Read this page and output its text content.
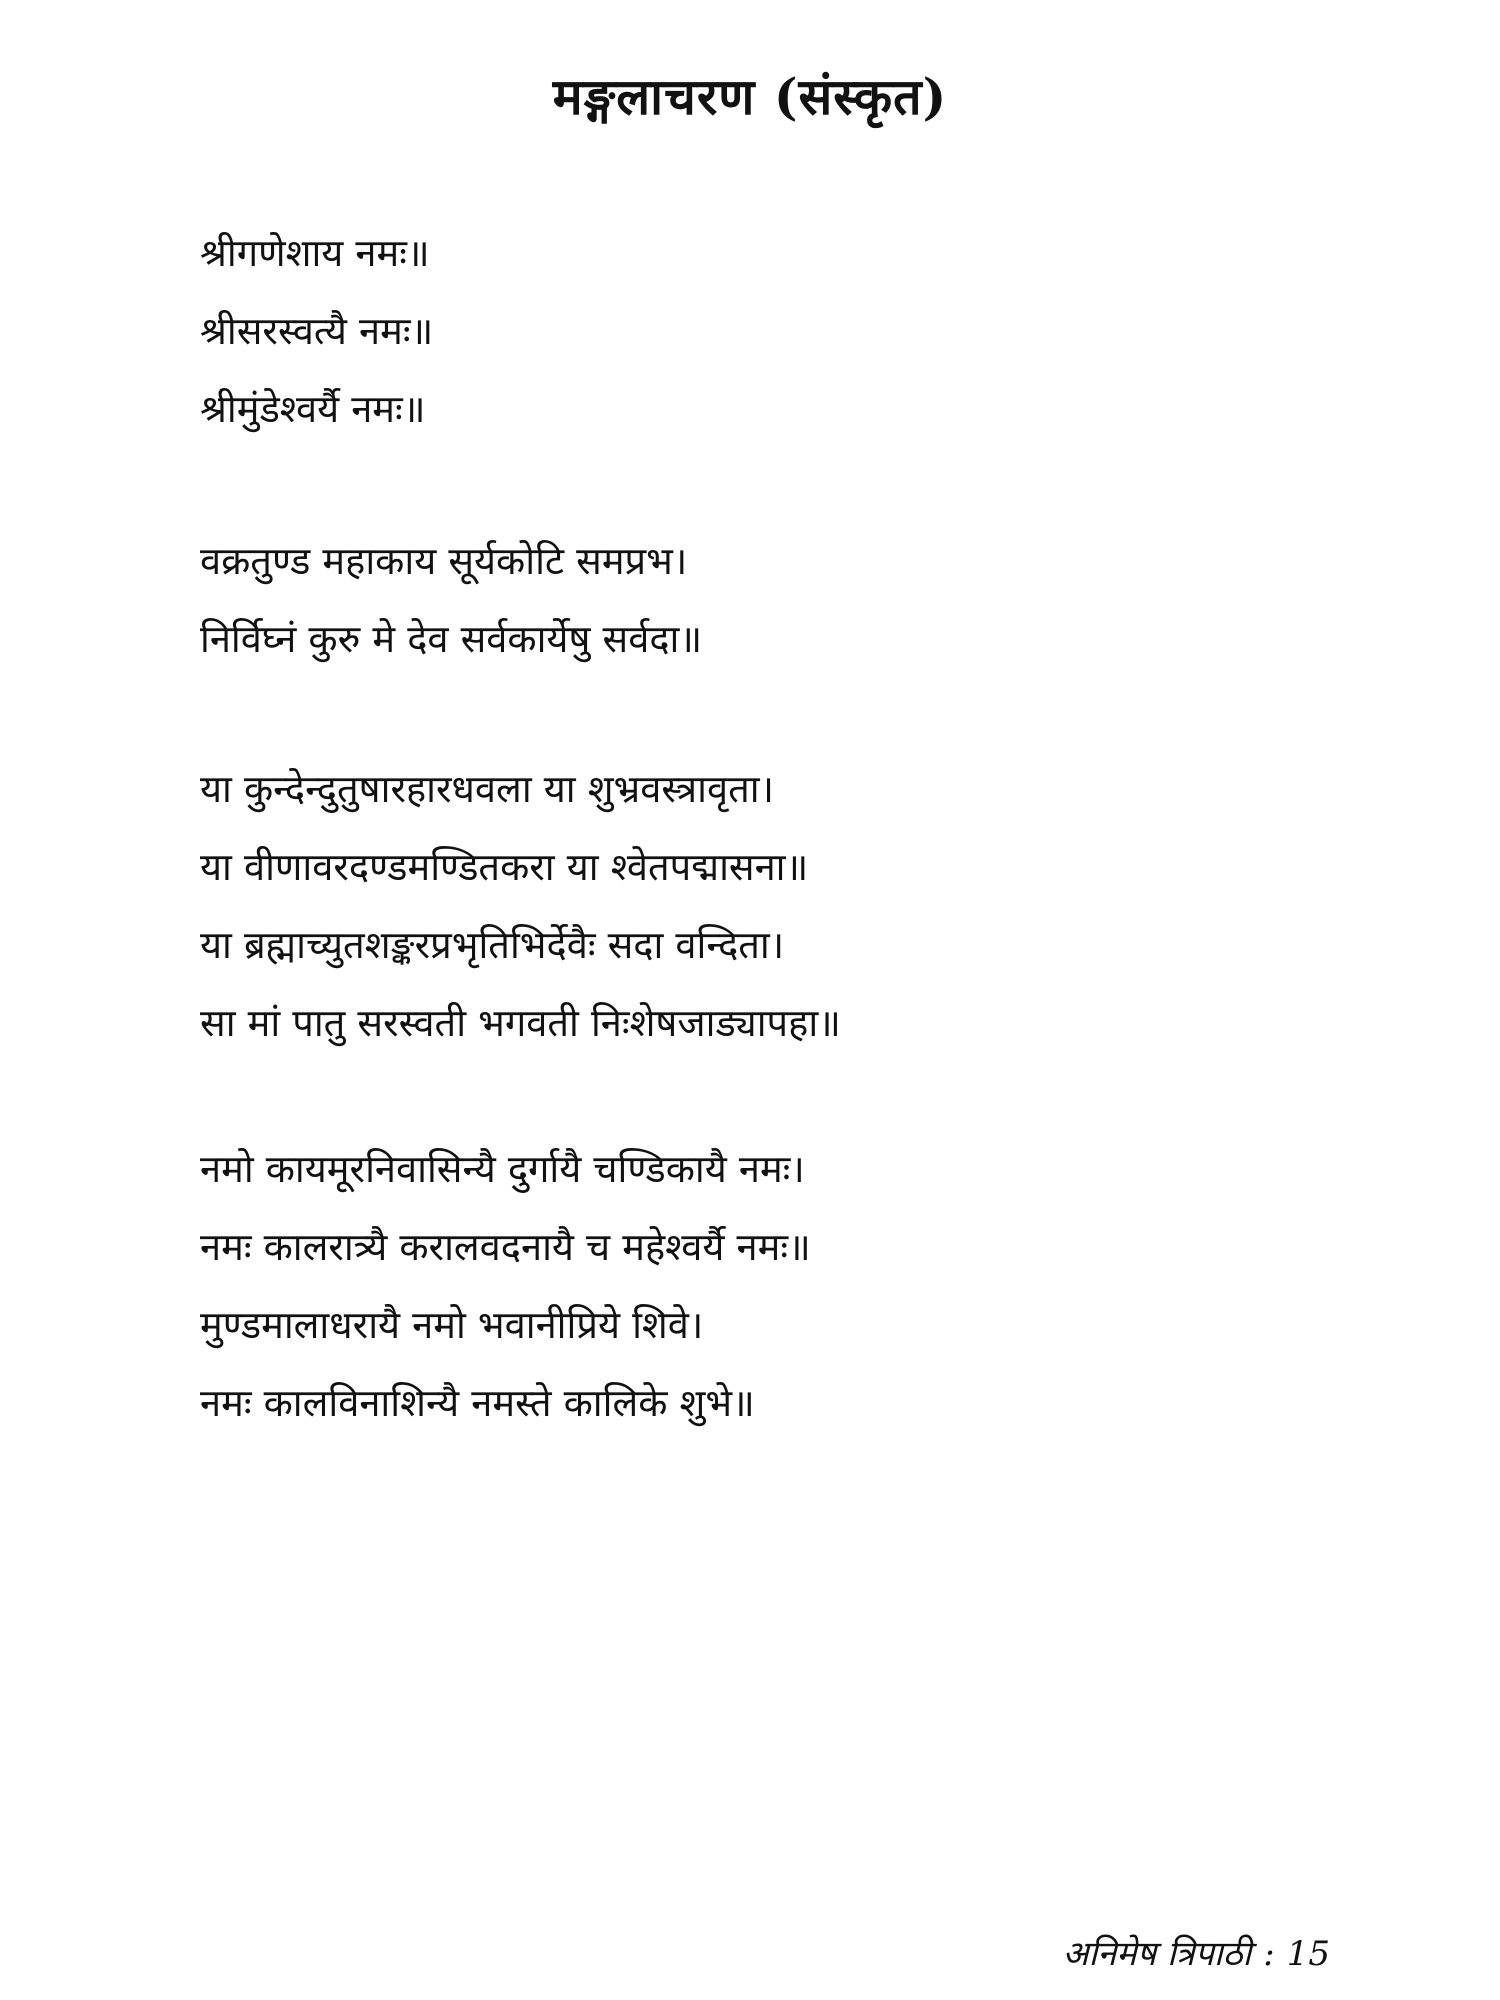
मङ्गलाचरण (संस्कृत)
श्रीगणेशाय नमः॥
श्रीसरस्वत्यै नमः॥
श्रीमुंडेश्वर्यै नमः॥
वक्रतुण्ड महाकाय सूर्यकोटि समप्रभ।
निर्विघ्नं कुरु मे देव सर्वकार्येषु सर्वदा॥
या कुन्देन्दुतुषारहारधवला या शुभ्रवस्त्रावृता।
या वीणावरदण्डमण्डितकरा या श्वेतपद्मासना॥
या ब्रह्माच्युतशङ्करप्रभृतिभिर्देवैः सदा वन्दिता।
सा मां पातु सरस्वती भगवती निःशेषजाड्यापहा॥
नमो कायमूरनिवासिन्यै दुर्गायै चण्डिकायै नमः।
नमः कालरात्र्यै करालवदनायै च महेश्वर्यै नमः॥
मुण्डमालाधरायै नमो भवानीप्रिये शिवे।
नमः कालविनाशिन्यै नमस्ते कालिके शुभे॥
अनिमेष त्रिपाठी : 15
